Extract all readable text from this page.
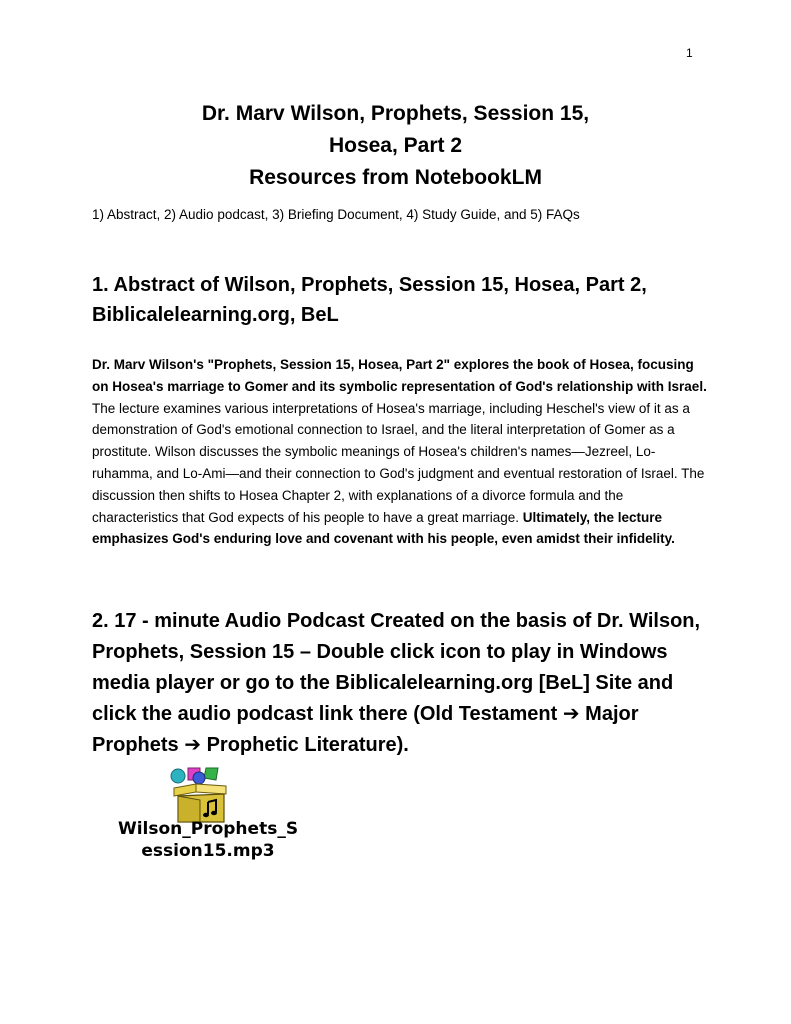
1
Dr. Marv Wilson, Prophets, Session 15,
Hosea, Part 2
Resources from NotebookLM
1) Abstract, 2) Audio podcast, 3) Briefing Document, 4) Study Guide, and 5) FAQs
1. Abstract of Wilson, Prophets, Session 15, Hosea, Part 2,
Biblicalelearning.org, BeL
Dr. Marv Wilson's "Prophets, Session 15, Hosea, Part 2" explores the book of Hosea, focusing on Hosea's marriage to Gomer and its symbolic representation of God's relationship with Israel. The lecture examines various interpretations of Hosea's marriage, including Heschel's view of it as a demonstration of God's emotional connection to Israel, and the literal interpretation of Gomer as a prostitute. Wilson discusses the symbolic meanings of Hosea's children's names—Jezreel, Lo-ruhamma, and Lo-Ami—and their connection to God's judgment and eventual restoration of Israel. The discussion then shifts to Hosea Chapter 2, with explanations of a divorce formula and the characteristics that God expects of his people to have a great marriage. Ultimately, the lecture emphasizes God's enduring love and covenant with his people, even amidst their infidelity.
2. 17 - minute Audio Podcast Created on the basis of Dr. Wilson, Prophets, Session 15 – Double click icon to play in Windows media player or go to the Biblicalelearning.org [BeL] Site and click the audio podcast link there (Old Testament ➔ Major Prophets ➔ Prophetic Literature).
Wilson_Prophets_S
ession15.mp3
